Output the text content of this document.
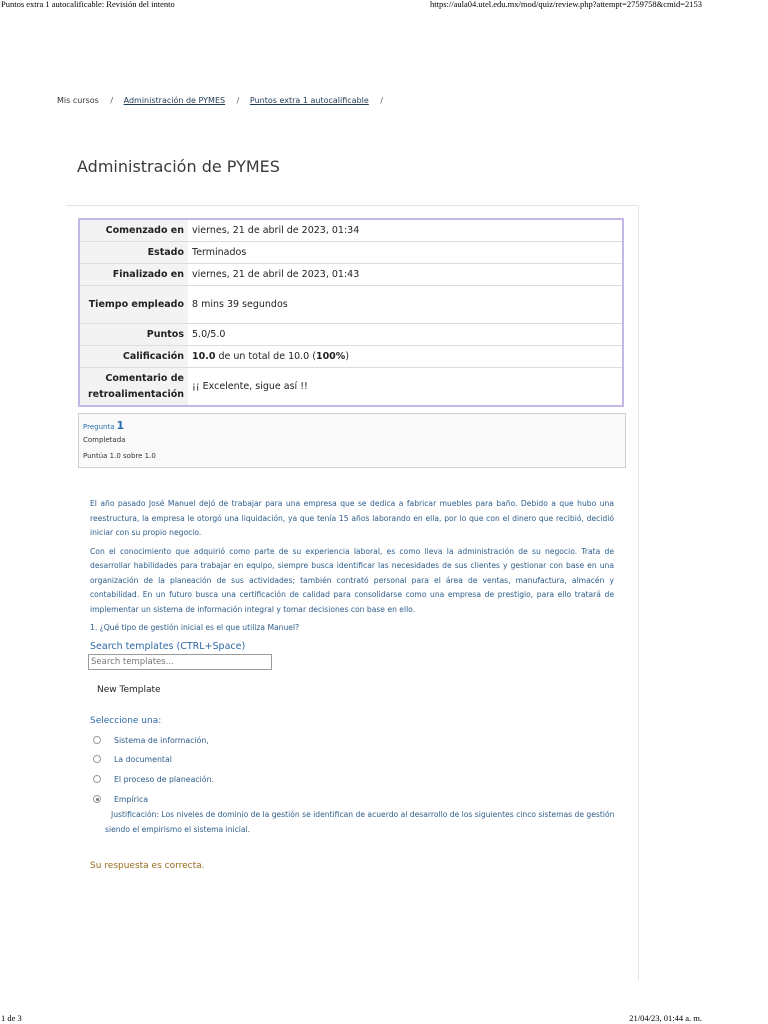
Puntos extra 1 autocalificable: Revisión del intento	https://aula04.utel.edu.mx/mod/quiz/review.php?attempt=2759758&cmid=2153
Mis cursos / Administración de PYMES / Puntos extra 1 autocalificable /
Administración de PYMES
Comenzado en	viernes, 21 de abril de 2023, 01:34
Estado	Terminados
Finalizado en	viernes, 21 de abril de 2023, 01:43
Tiempo empleado	8 mins 39 segundos
Puntos	5.0/5.0
Calificación	10.0 de un total de 10.0 (100%)
Comentario de retroalimentación	¡¡ Excelente, sigue así !!
Pregunta 1
Completada
Puntúa 1.0 sobre 1.0

El año pasado José Manuel dejó de trabajar para una empresa que se dedica a fabricar muebles para baño. Debido a que hubo una reestructura, la empresa le otorgó una liquidación, ya que tenía 15 años laborando en ella, por lo que con el dinero que recibió, decidió iniciar con su propio negocio.

Con el conocimiento que adquirió como parte de su experiencia laboral, es como lleva la administración de su negocio. Trata de desarrollar habilidades para trabajar en equipo, siempre busca identificar las necesidades de sus clientes y gestionar con base en una organización de la planeación de sus actividades; también contrató personal para el área de ventas, manufactura, almacén y contabilidad. En un futuro busca una certificación de calidad para consolidarse como una empresa de prestigio, para ello tratará de implementar un sistema de información integral y tomar decisiones con base en ello.

1. ¿Qué tipo de gestión inicial es el que utiliza Manuel?

Search templates (CTRL+Space)
Search templates...
New Template
Seleccione una:
Sistema de información,
La documental
El proceso de planeación.
Empírica
Justificación: Los niveles de dominio de la gestión se identifican de acuerdo al desarrollo de los siguientes cinco sistemas de gestión siendo el empirismo el sistema inicial.
Su respuesta es correcta.
1 de 3	21/04/23, 01:44 a. m.
